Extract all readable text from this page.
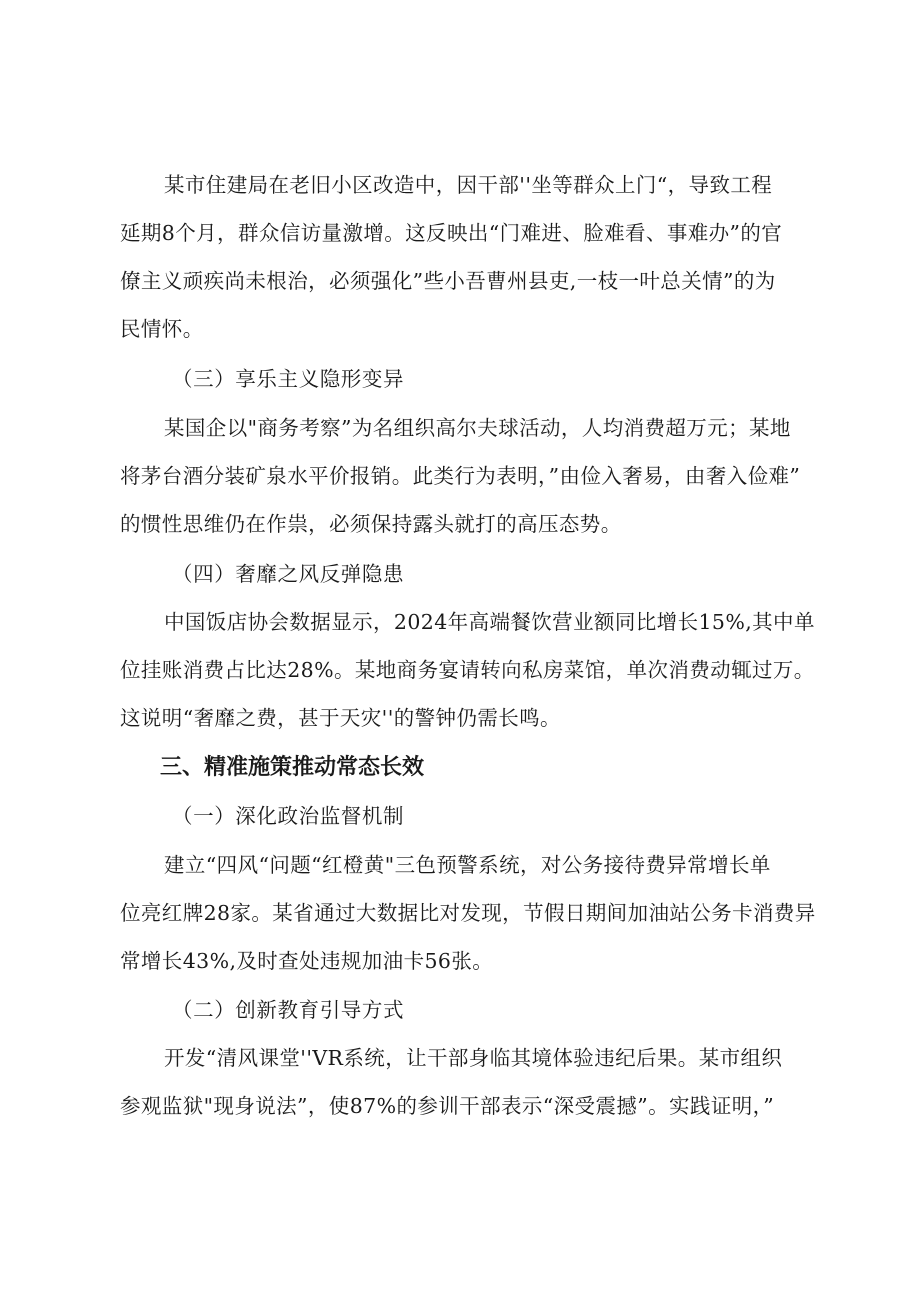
某市住建局在老旧小区改造中，因干部''坐等群众上门“，导致工程
延期8个月，群众信访量激增。这反映出“门难进、脸难看、事难办”的官
僚主义顽疾尚未根治，必须强化”些小吾曹州县吏,一枝一叶总关情”的为
民情怀。
（三）享乐主义隐形变异
某国企以"商务考察”为名组织高尔夫球活动，人均消费超万元；某地
将茅台酒分装矿泉水平价报销。此类行为表明，”由俭入奢易，由奢入俭难”
的惯性思维仍在作祟，必须保持露头就打的高压态势。
（四）奢靡之风反弹隐患
中国饭店协会数据显示，2024年高端餐饮营业额同比增长15%,其中单
位挂账消费占比达28%。某地商务宴请转向私房菜馆，单次消费动辄过万。
这说明“奢靡之费，甚于天灾''的警钟仍需长鸣。
三、精准施策推动常态长效
（一）深化政治监督机制
建立“四风“问题“红橙黄"三色预警系统，对公务接待费异常增长单
位亮红牌28家。某省通过大数据比对发现，节假日期间加油站公务卡消费异
常增长43%,及时查处违规加油卡56张。
（二）创新教育引导方式
开发“清风课堂''VR系统，让干部身临其境体验违纪后果。某市组织
参观监狱"现身说法”，使87%的参训干部表示“深受震撼”。实践证明，”
